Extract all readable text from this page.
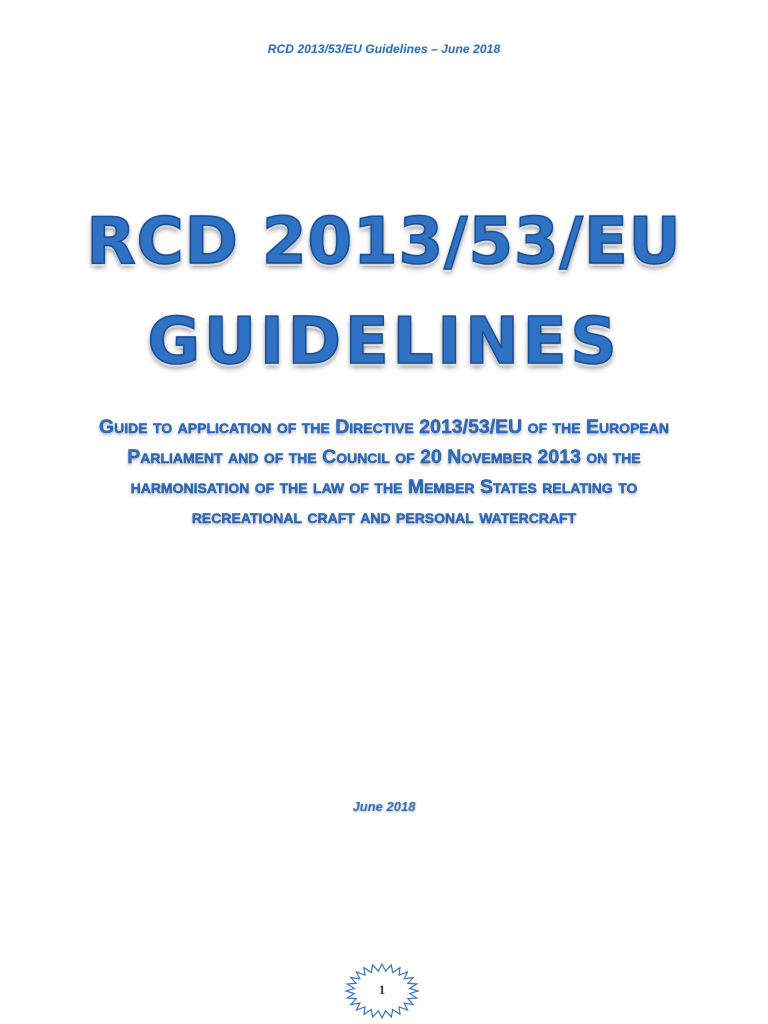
RCD 2013/53/EU Guidelines – June 2018
RCD 2013/53/EU
GUIDELINES
Guide to application of the Directive 2013/53/EU of the European Parliament and of the Council of 20 November 2013 on the harmonisation of the law of the Member States relating to recreational craft and personal watercraft
June 2018
1
